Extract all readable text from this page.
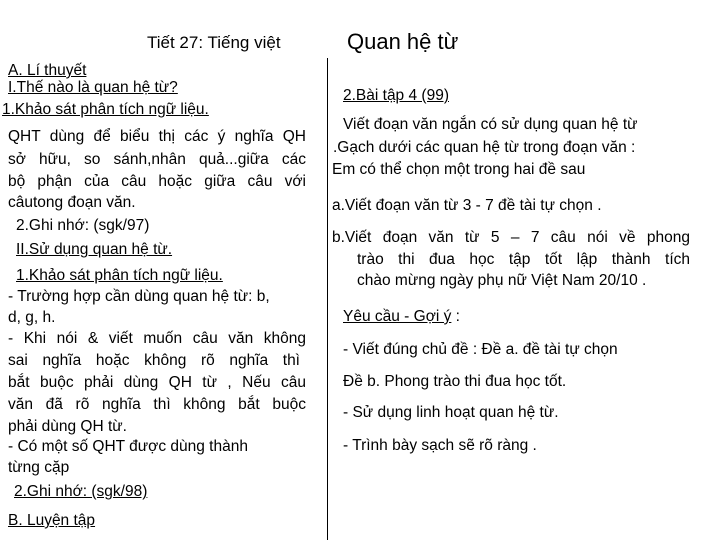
Tiết 27: Tiếng việt	Quan hệ từ
A. Lí thuyết
I.Thế nào là quan hệ từ?
1.Khảo sát phân tích ngữ liệu.
QHT dùng để biểu thị các ý nghĩa QH
sở hữu, so sánh,nhân quả...giữa các
bộ phận của câu hoặc giữa câu với
câutong đoạn văn.
2.Ghi nhớ: (sgk/97)
II.Sử dụng quan hệ từ.
1.Khảo sát phân tích ngữ liệu.
- Trường hợp cần dùng quan hệ từ: b,
d, g, h.
- Khi nói & viết muốn câu văn không
sai nghĩa hoặc không rõ nghĩa thì
bắt buộc phải dùng QH từ , Nếu câu
văn đã rõ nghĩa thì không bắt buộc
phải dùng QH từ.
- Có một số QHT được dùng thành
từng cặp
2.Ghi nhớ: (sgk/98)
B. Luyện tập
2.Bài tập 4 (99)
Viết đoạn văn ngắn có sử dụng quan hệ từ
.Gạch dưới các quan hệ từ trong đoạn văn :
Em có thể chọn một trong hai đề sau
a.Viết đoạn văn từ 3 - 7 đề tài tự chọn .
b.Viết đoạn văn từ 5 – 7 câu nói về phong
trào thi đua học tập tốt lập thành tích
chào mừng ngày phụ nữ Việt Nam 20/10 .
Yêu cầu - Gợi ý :
- Viết đúng chủ đề : Đề a. đề tài tự chọn
Đề b. Phong trào thi đua học tốt.
- Sử dụng linh hoạt quan hệ từ.
- Trình bày sạch sẽ rõ ràng .
